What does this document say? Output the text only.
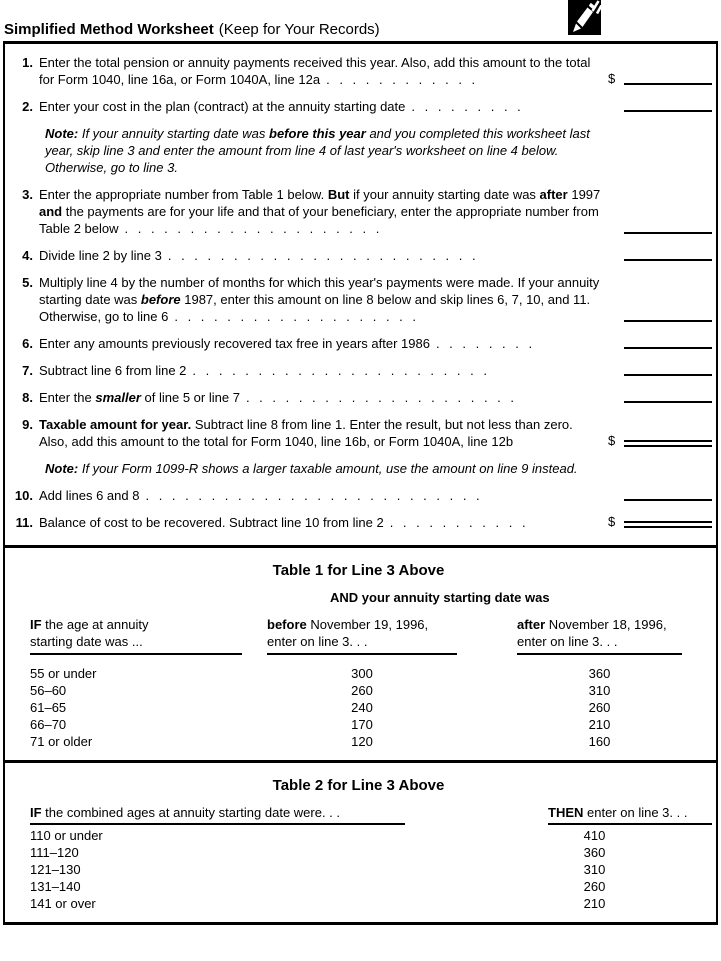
Simplified Method Worksheet (Keep for Your Records)
1. Enter the total pension or annuity payments received this year. Also, add this amount to the total for Form 1040, line 16a, or Form 1040A, line 12a . . . . . . . . . . . .	$
2. Enter your cost in the plan (contract) at the annuity starting date . . . . . . . . .
Note: If your annuity starting date was before this year and you completed this worksheet last year, skip line 3 and enter the amount from line 4 of last year's worksheet on line 4 below. Otherwise, go to line 3.
3. Enter the appropriate number from Table 1 below. But if your annuity starting date was after 1997 and the payments are for your life and that of your beneficiary, enter the appropriate number from Table 2 below . . . . . . . . . . . . . . . . . . . .
4. Divide line 2 by line 3 . . . . . . . . . . . . . . . . . . . . . . . .
5. Multiply line 4 by the number of months for which this year's payments were made. If your annuity starting date was before 1987, enter this amount on line 8 below and skip lines 6, 7, 10, and 11. Otherwise, go to line 6 . . . . . . . . . . . . . . . . . . .
6. Enter any amounts previously recovered tax free in years after 1986 . . . . . . . .
7. Subtract line 6 from line 2 . . . . . . . . . . . . . . . . . . . . . . .
8. Enter the smaller of line 5 or line 7 . . . . . . . . . . . . . . . . . . . . .
9. Taxable amount for year. Subtract line 8 from line 1. Enter the result, but not less than zero. Also, add this amount to the total for Form 1040, line 16b, or Form 1040A, line 12b	$
Note: If your Form 1099-R shows a larger taxable amount, use the amount on line 9 instead.
10. Add lines 6 and 8 . . . . . . . . . . . . . . . . . . . . . . . . . .
11. Balance of cost to be recovered. Subtract line 10 from line 2 . . . . . . . . . . .	$
Table 1 for Line 3 Above
AND your annuity starting date was
IF the age at annuity
starting date was ...
before November 19, 1996,
enter on line 3. . .
after November 18, 1996,
enter on line 3. . .
55 or under	300	360
56–60	260	310
61–65	240	260
66–70	170	210
71 or older	120	160
Table 2 for Line 3 Above
IF the combined ages at annuity starting date were. . .	THEN enter on line 3. . .
110 or under	410
111–120	360
121–130	310
131–140	260
141 or over	210
